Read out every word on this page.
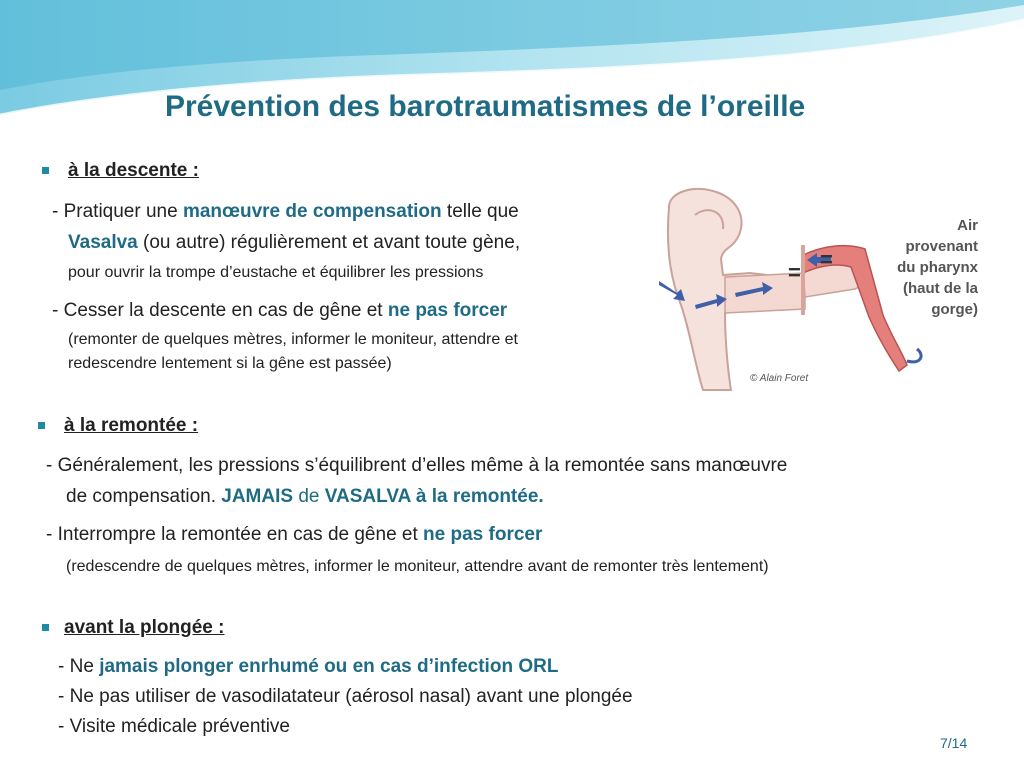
Prévention des barotraumatismes de l’oreille
à la descente :
- Pratiquer une manœuvre de compensation telle que
Vasalva (ou autre) régulièrement et avant toute gène,
pour ouvrir la trompe d’eustache et équilibrer les pressions
- Cesser la descente en cas de gêne et ne pas forcer
(remonter de quelques mètres, informer le moniteur, attendre et
redescendre lentement si la gêne est passée)
=
=
Air
provenant
du pharynx
(haut de la
gorge)
© Alain Foret
à la remontée :
- Généralement, les pressions s’équilibrent d’elles même à la remontée sans manœuvre
de compensation. JAMAIS de VASALVA à la remontée.
- Interrompre la remontée en cas de gêne et ne pas forcer
(redescendre de quelques mètres, informer le moniteur, attendre avant de remonter très lentement)
avant la plongée :
- Ne jamais plonger enrhumé ou en cas d’infection ORL
- Ne pas utiliser de vasodilatateur (aérosol nasal) avant une plongée
- Visite médicale préventive
7/14
